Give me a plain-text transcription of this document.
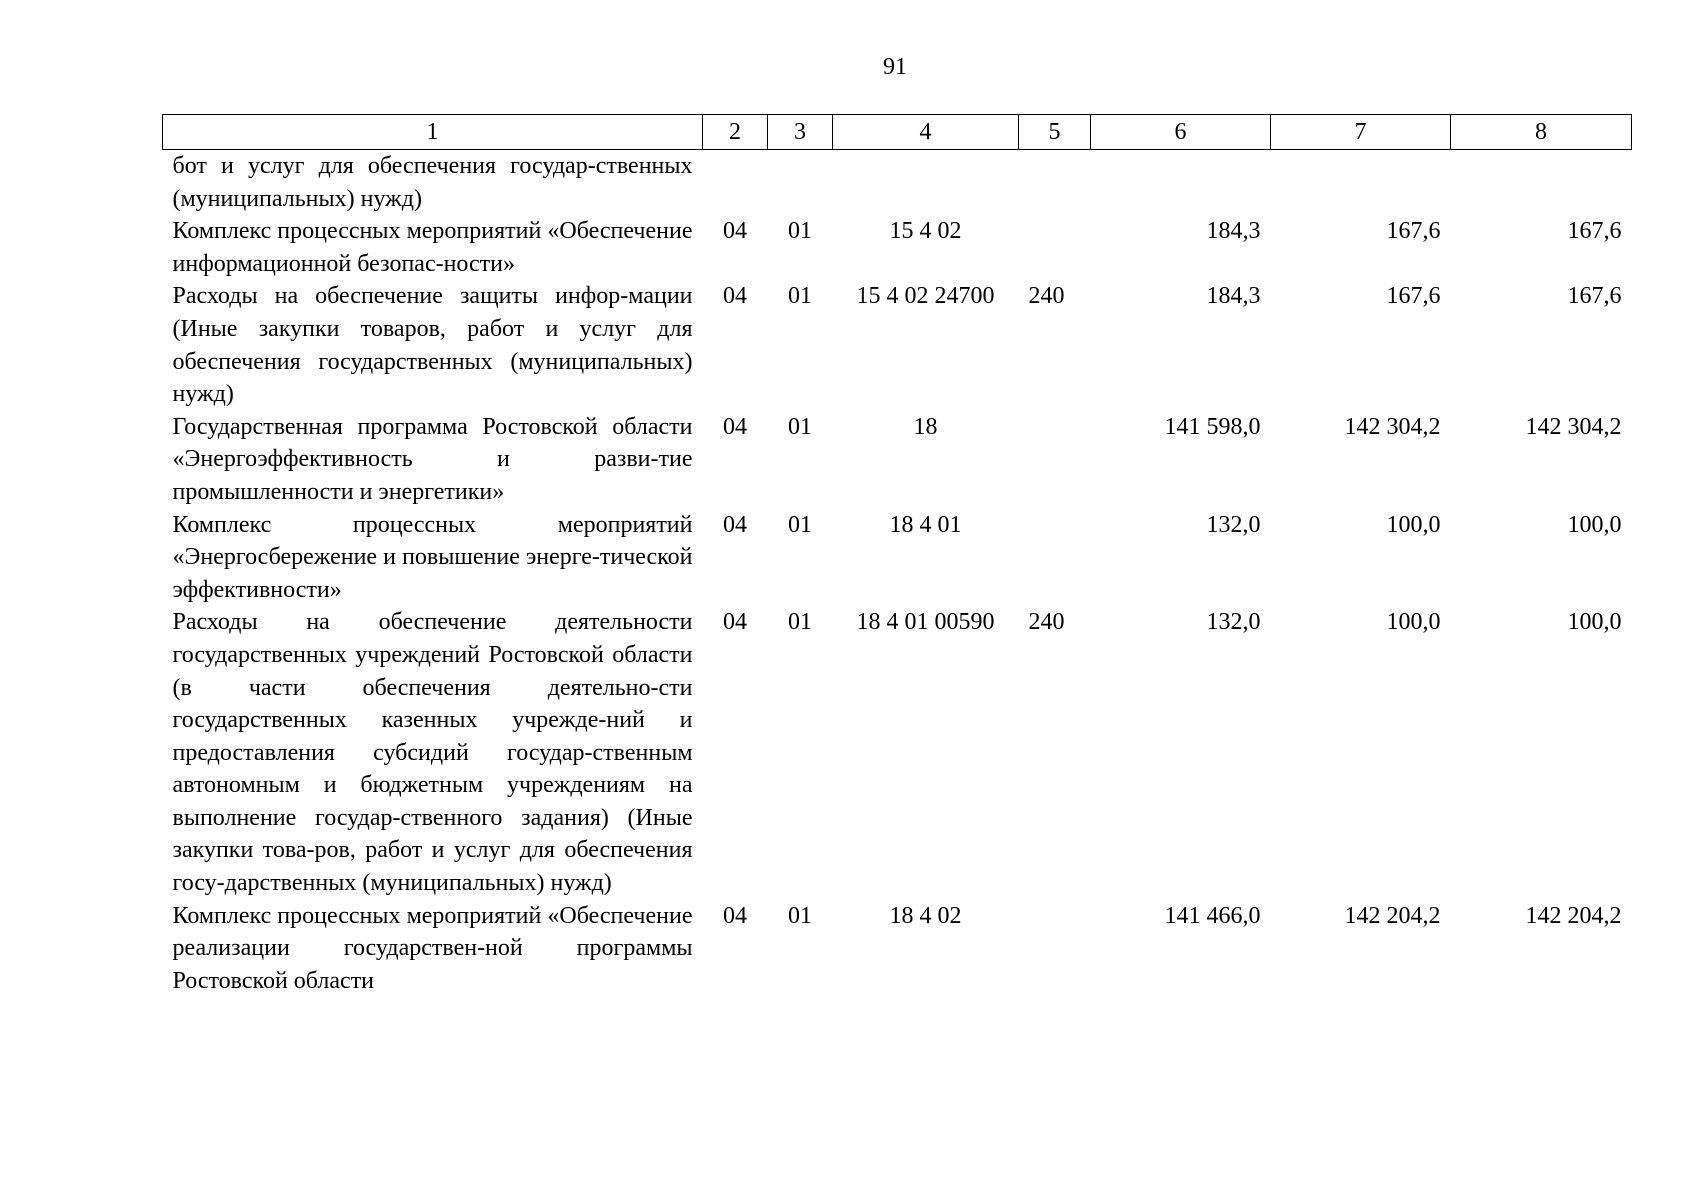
91
1	2	3	4	5	6	7	8
бот и услуг для обеспечения государ-ственных (муниципальных) нужд)							
Комплекс процессных мероприятий «Обеспечение информационной безопас-ности»	04	01	15 4 02		184,3	167,6	167,6
Расходы на обеспечение защиты инфор-мации (Иные закупки товаров, работ и услуг для обеспечения государственных (муниципальных) нужд)	04	01	15 4 02 24700	240	184,3	167,6	167,6
Государственная программа Ростовской области «Энергоэффективность и разви-тие промышленности и энергетики»	04	01	18		141 598,0	142 304,2	142 304,2
Комплекс процессных мероприятий «Энергосбережение и повышение энерге-тической эффективности»	04	01	18 4 01		132,0	100,0	100,0
Расходы на обеспечение деятельности государственных учреждений Ростовской области (в части обеспечения деятельно-сти государственных казенных учрежде-ний и предоставления субсидий государ-ственным автономным и бюджетным учреждениям на выполнение государ-ственного задания) (Иные закупки това-ров, работ и услуг для обеспечения госу-дарственных (муниципальных) нужд)	04	01	18 4 01 00590	240	132,0	100,0	100,0
Комплекс процессных мероприятий «Обеспечение реализации государствен-ной программы Ростовской области	04	01	18 4 02		141 466,0	142 204,2	142 204,2
